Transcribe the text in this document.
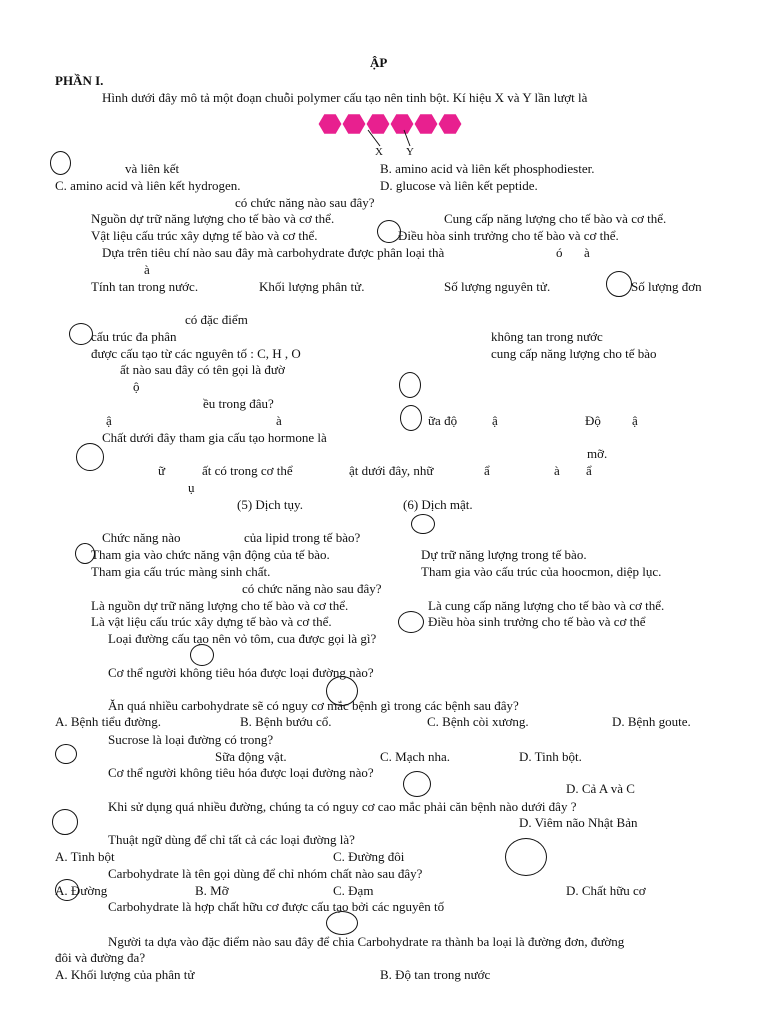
ẬP
PHẦN I.
X Y
Hình dưới đây mô tả một đoạn chuỗi polymer cấu tạo nên tinh bột. Kí hiệu X và Y lần lượt là
và liên kết	B. amino acid và liên kết phosphodiester.
C. amino acid và liên kết hydrogen.	D. glucose và liên kết peptide.
có chức năng nào sau đây?
Nguồn dự trữ năng lượng cho tế bào và cơ thể.	Cung cấp năng lượng cho tế bào và cơ thể.
Vật liệu cấu trúc xây dựng tế bào và cơ thể.	Điều hòa sinh trưởng cho tế bào và cơ thể.
Dựa trên tiêu chí nào sau đây mà carbohydrate được phân loại thà	ó à
à
Tính tan trong nước.	Khối lượng phân tử.	Số lượng nguyên tử.	Số lượng đơn
có đặc điểm
cấu trúc đa phân	không tan trong nước
được cấu tạo từ các nguyên tố : C, H , O	cung cấp năng lượng cho tế bào
ất nào sau đây có tên gọi là đườ
ộ
ều trong đâu?
ậ	à	ữa độ	ậ	Độ ậ
Chất dưới đây tham gia cấu tạo hormone là
mỡ.
ữ	ất có trong cơ thể	ật dưới đây, nhữ	ẩ	à ẩ
ụ
(5) Dịch tụy.	(6) Dịch mật.
Chức năng nào	của lipid trong tế bào?
Tham gia vào chức năng vận động của tế bào.	Dự trữ năng lượng trong tế bào.
Tham gia cấu trúc màng sinh chất.	Tham gia vào cấu trúc của hoocmon, diệp lục.
có chức năng nào sau đây?
Là nguồn dự trữ năng lượng cho tế bào và cơ thể.	Là cung cấp năng lượng cho tế bào và cơ thể.
Là vật liệu cấu trúc xây dựng tế bào và cơ thể.	Điều hòa sinh trưởng cho tế bào và cơ thể
Loại đường cấu tạo nên vỏ tôm, cua được gọi là gì?
Cơ thể người không tiêu hóa được loại đường nào?
Ăn quá nhiều carbohydrate sẽ có nguy cơ mắc bệnh gì trong các bệnh sau đây?
A. Bệnh tiểu đường.	B. Bệnh bướu cổ.	C. Bệnh còi xương.	D. Bệnh goute.
Sucrose là loại đường có trong?
Sữa động vật.	C. Mạch nha.	D. Tinh bột.
Cơ thể người không tiêu hóa được loại đường nào?
D. Cả A và C
Khi sử dụng quá nhiều đường, chúng ta có nguy cơ cao mắc phải căn bệnh nào dưới đây ?
D. Viêm não Nhật Bản
Thuật ngữ dùng để chỉ tất cả các loại đường là?
A. Tinh bột	C. Đường đôi
Carbohydrate là tên gọi dùng để chỉ nhóm chất nào sau đây?
A. Đường	B. Mỡ	C. Đạm	D. Chất hữu cơ
Carbohydrate là hợp chất hữu cơ được cấu tạo bởi các nguyên tố
Người ta dựa vào đặc điểm nào sau đây để chia Carbohydrate ra thành ba loại là đường đơn, đường
đôi và đường đa?
A. Khối lượng của phân tử	B. Độ tan trong nước
